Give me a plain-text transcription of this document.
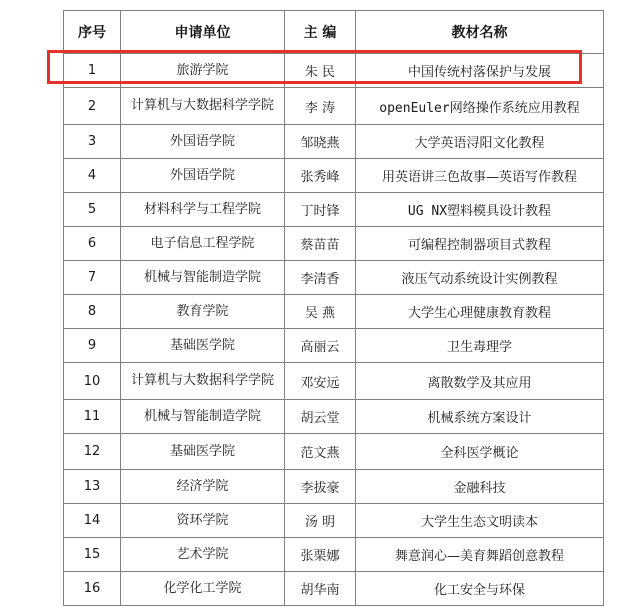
序号	申请单位	主 编	教材名称
1	旅游学院	朱 民	中国传统村落保护与发展
2	计算机与大数据科学学院	李 涛	openEuler网络操作系统应用教程
3	外国语学院	邹晓燕	大学英语浔阳文化教程
4	外国语学院	张秀峰	用英语讲三色故事—英语写作教程
5	材料科学与工程学院	丁时锋	UG NX塑料模具设计教程
6	电子信息工程学院	蔡苗苗	可编程控制器项目式教程
7	机械与智能制造学院	李清香	液压气动系统设计实例教程
8	教育学院	吴 燕	大学生心理健康教育教程
9	基础医学院	高丽云	卫生毒理学
10	计算机与大数据科学学院	邓安远	离散数学及其应用
11	机械与智能制造学院	胡云堂	机械系统方案设计
12	基础医学院	范文燕	全科医学概论
13	经济学院	李拔豪	金融科技
14	资环学院	汤 明	大学生生态文明读本
15	艺术学院	张栗娜	舞意润心—美育舞蹈创意教程
16	化学化工学院	胡华南	化工安全与环保
